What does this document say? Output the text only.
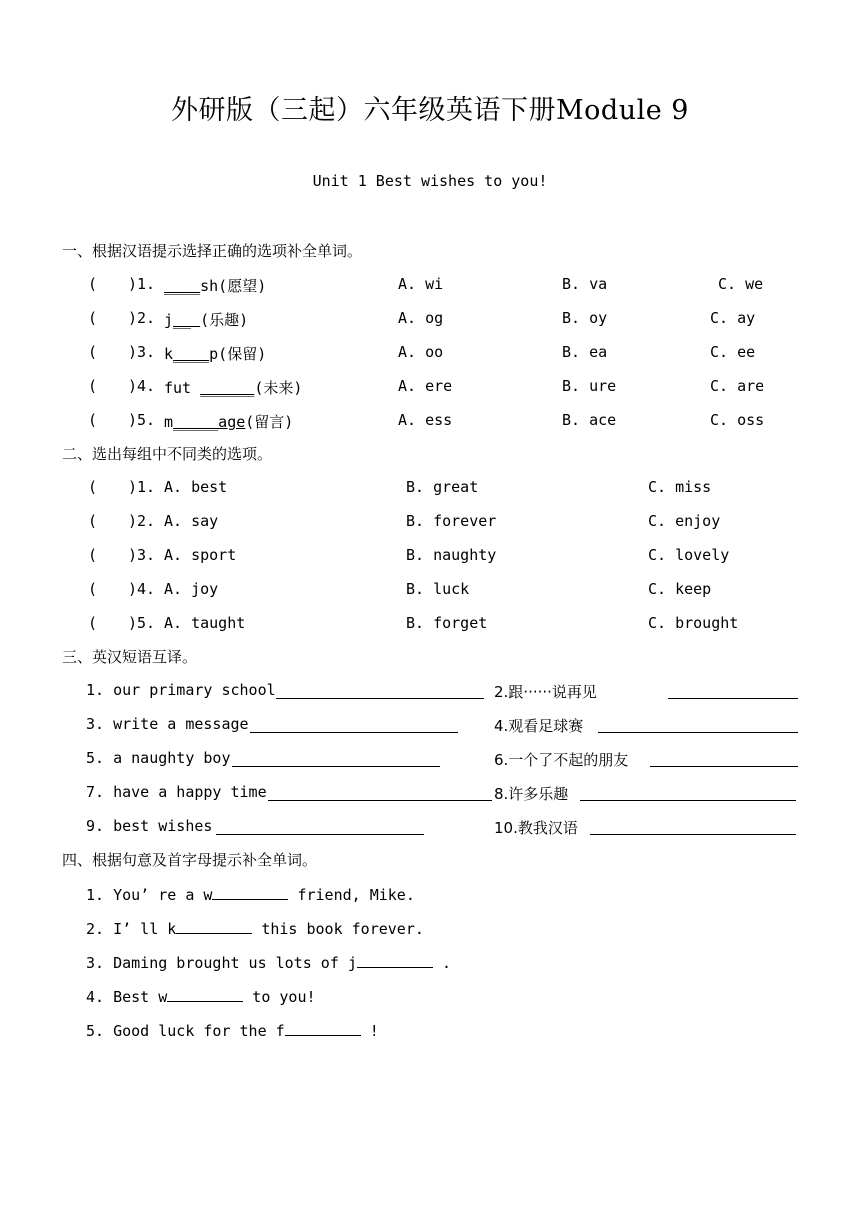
外研版（三起）六年级英语下册Module 9
Unit 1 Best wishes to you!
一、根据汉语提示选择正确的选项补全单词。
( )1. ____sh(愿望)	A. wi	B. va	C. we
( )2. j__ (乐趣)	A. og	B. oy	C. ay
( )3. k____p(保留)	A. oo	B. ea	C. ee
( )4. fut ______(未来)	A. ere	B. ure	C. are
( )5. m_____age(留言)	A. ess	B. ace	C. oss
二、选出每组中不同类的选项。
( )1. A. best	B. great	C. miss
( )2. A. say	B. forever	C. enjoy
( )3. A. sport	B. naughty	C. lovely
( )4. A. joy	B. luck	C. keep
( )5. A. taught	B. forget	C. brought
三、英汉短语互译。
1. our primary school	2.跟······说再见
3. write a message	4.观看足球赛
5. a naughty boy	6.一个了不起的朋友
7. have a happy time	8.许多乐趣
9. best wishes	10.教我汉语
四、根据句意及首字母提示补全单词。
1. You’ re a w	friend, Mike.
2. I’ ll k	this book forever.
3. Daming brought us lots of j	.
4. Best w	to you!
5. Good luck for the f	!
